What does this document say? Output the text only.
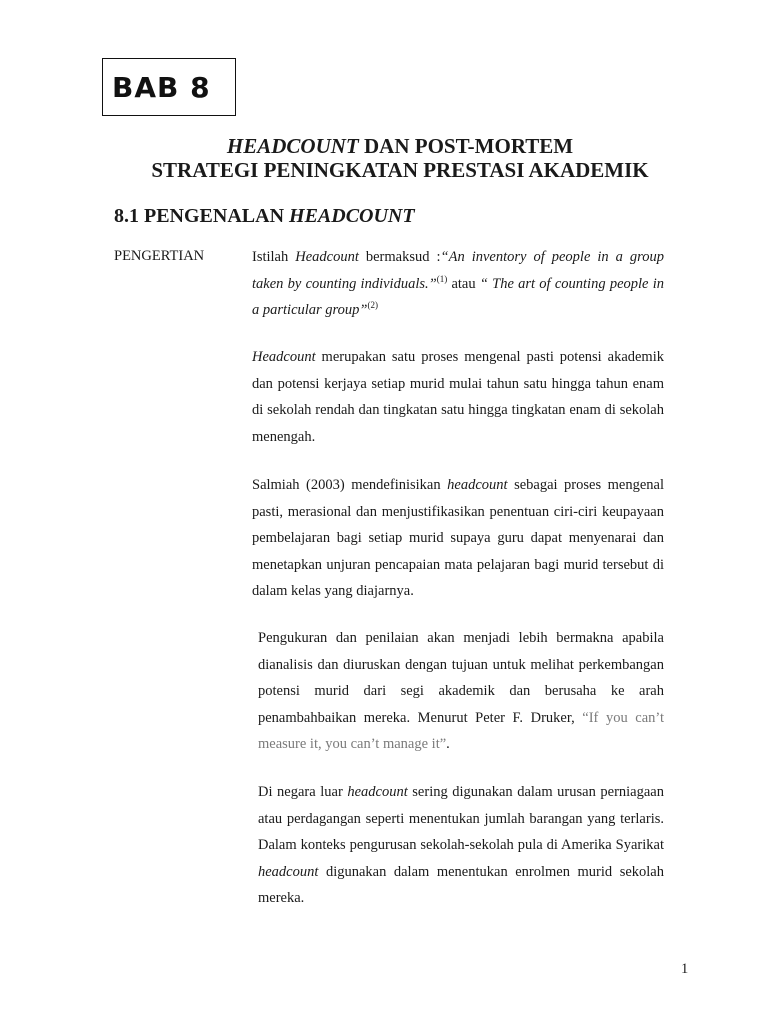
BAB 8
HEADCOUNT DAN POST-MORTEM
STRATEGI PENINGKATAN PRESTASI AKADEMIK
8.1 PENGENALAN HEADCOUNT
PENGERTIAN	Istilah Headcount bermaksud :“An inventory of people in a group taken by counting individuals.”$^{(1)}$ atau “ The art of counting people in a particular group”$^{(2)}$
Headcount merupakan satu proses mengenal pasti potensi akademik dan potensi kerjaya setiap murid mulai tahun satu hingga tahun enam di sekolah rendah dan tingkatan satu hingga tingkatan enam di sekolah menengah.
Salmiah (2003) mendefinisikan headcount sebagai proses mengenal pasti, merasional dan menjustifikasikan penentuan ciri-ciri keupayaan pembelajaran bagi setiap murid supaya guru dapat menyenarai dan menetapkan unjuran pencapaian mata pelajaran bagi murid tersebut di dalam kelas yang diajarnya.
Pengukuran dan penilaian akan menjadi lebih bermakna apabila dianalisis dan diuruskan dengan tujuan untuk melihat perkembangan potensi murid dari segi akademik dan berusaha ke arah penambahbaikan mereka. Menurut Peter F. Druker, “If you can’t measure it, you can’t manage it”.
Di negara luar headcount sering digunakan dalam urusan perniagaan atau perdagangan seperti menentukan jumlah barangan yang terlaris. Dalam konteks pengurusan sekolah-sekolah pula di Amerika Syarikat headcount digunakan dalam menentukan enrolmen murid sekolah mereka.
1
